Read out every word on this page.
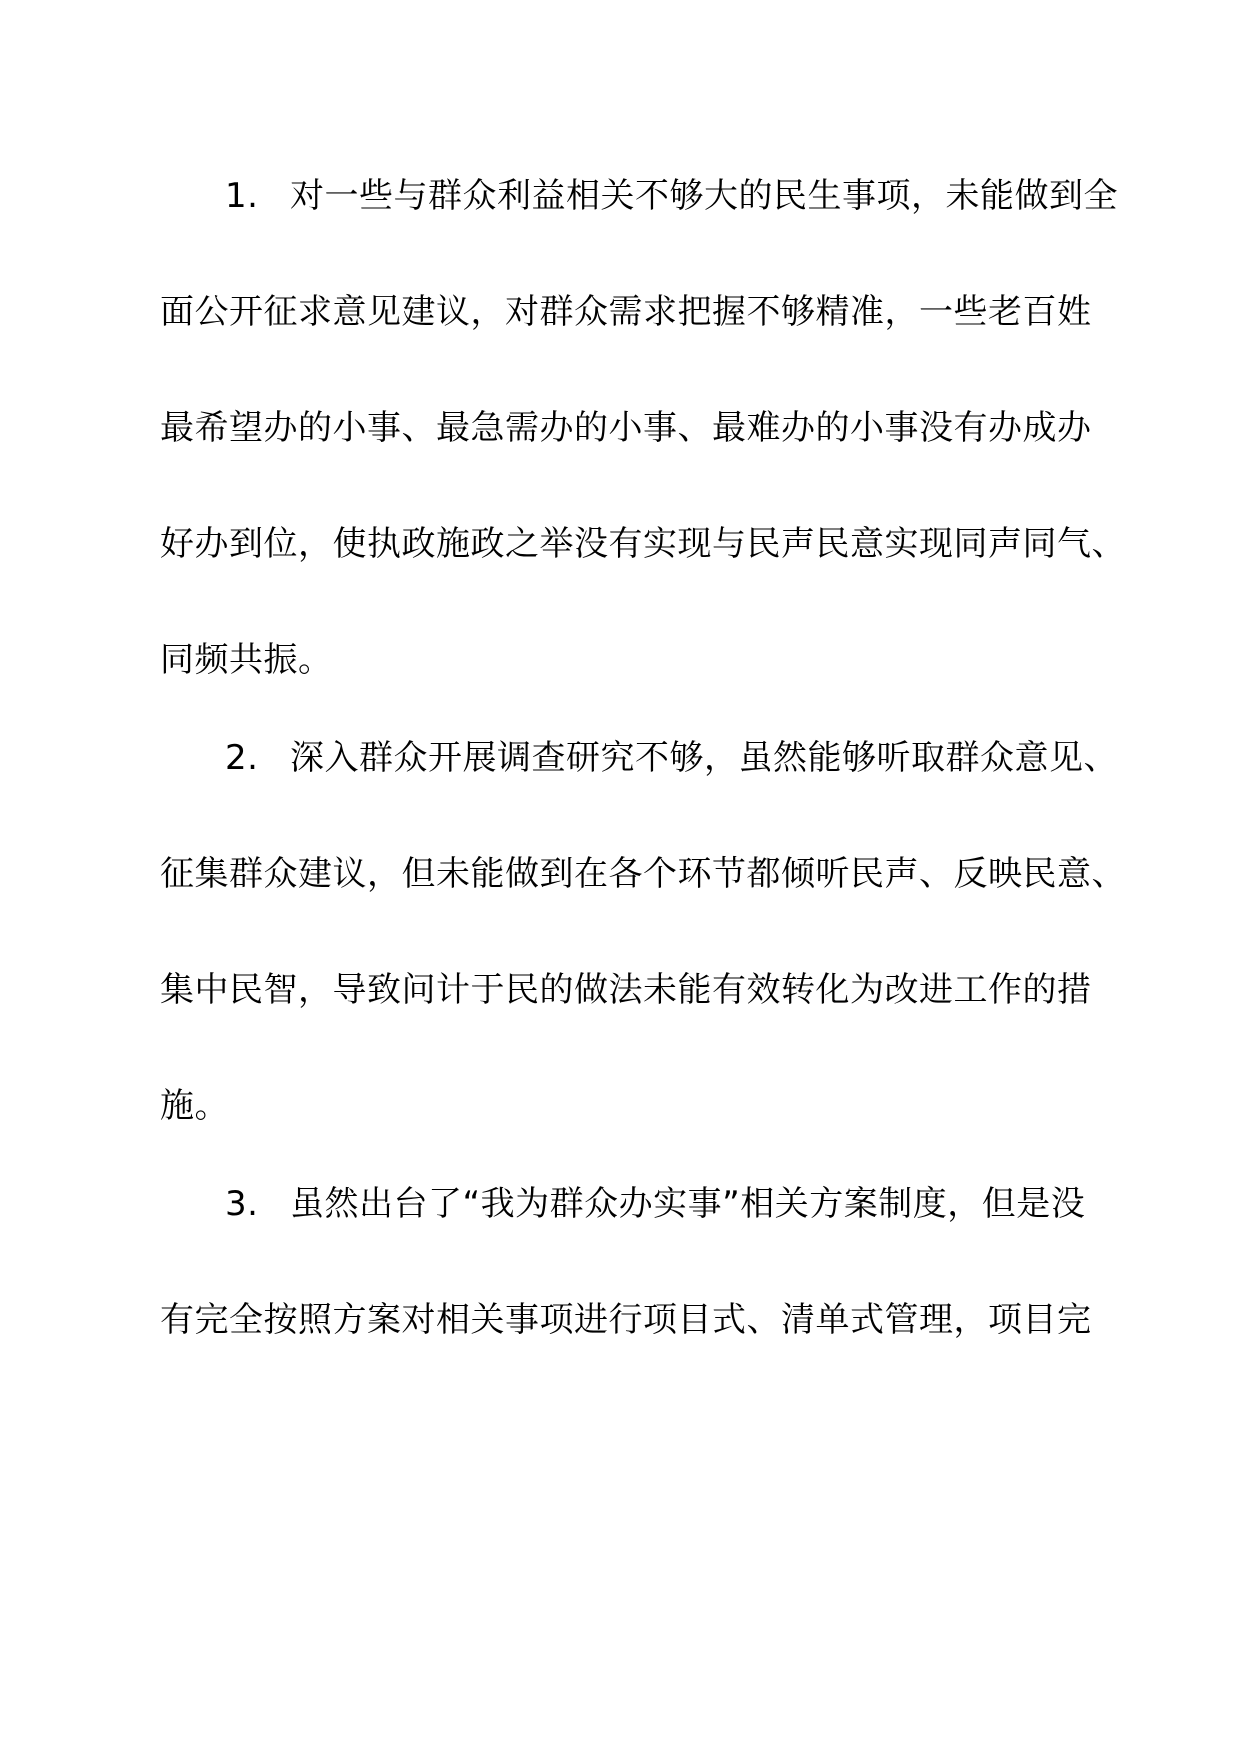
1. 对一些与群众利益相关不够大的民生事项，未能做到全
面公开征求意见建议，对群众需求把握不够精准，一些老百姓
最希望办的小事、最急需办的小事、最难办的小事没有办成办
好办到位，使执政施政之举没有实现与民声民意实现同声同气、
同频共振。
2. 深入群众开展调查研究不够，虽然能够听取群众意见、
征集群众建议，但未能做到在各个环节都倾听民声、反映民意、
集中民智，导致问计于民的做法未能有效转化为改进工作的措
施。
3. 虽然出台了“我为群众办实事”相关方案制度，但是没
有完全按照方案对相关事项进行项目式、清单式管理，项目完
